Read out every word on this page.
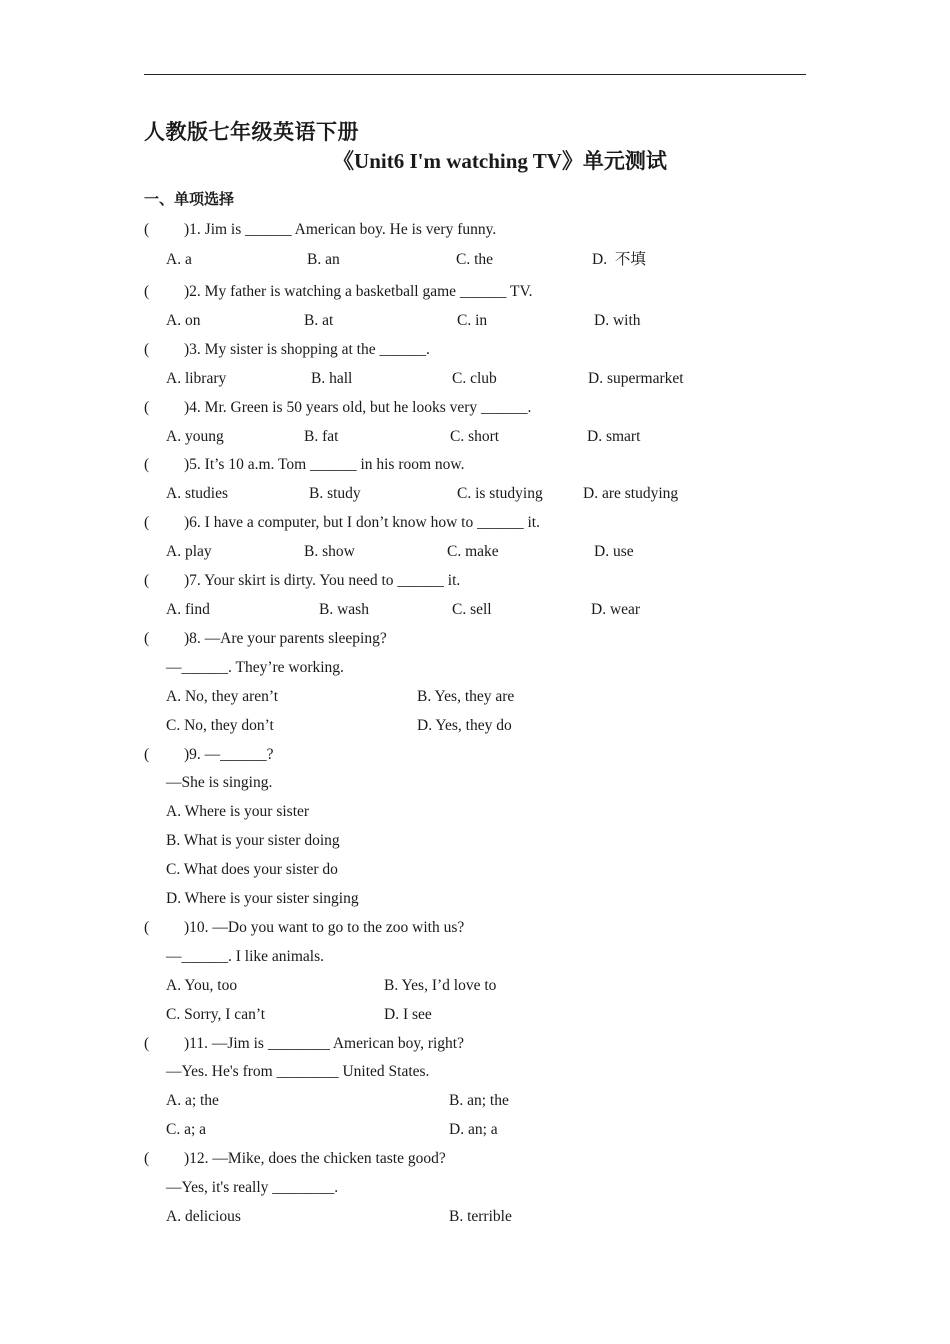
人教版七年级英语下册
《Unit6 I'm watching TV》单元测试
一、单项选择
( )1. Jim is ______ American boy. He is very funny.
A. a	B. an	C. the	D.  不填
( )2. My father is watching a basketball game ______ TV.
A. on	B. at	C. in	D. with
( )3. My sister is shopping at the ______.
A. library	B. hall	C. club	D. supermarket
( )4. Mr. Green is 50 years old, but he looks very ______.
A. young	B. fat	C. short	D. smart
( )5. It’s 10 a.m. Tom ______ in his room now.
A. studies	B. study	C. is studying	D. are studying
( )6. I have a computer, but I don’t know how to ______ it.
A. play	B. show	C. make	D. use
( )7. Your skirt is dirty. You need to ______ it.
A. find	B. wash	C. sell	D. wear
( )8. —Are your parents sleeping?
—______. They’re working.
A. No, they aren’t	B. Yes, they are
C. No, they don’t	D. Yes, they do
( )9. —______?
—She is singing.
A. Where is your sister
B. What is your sister doing
C. What does your sister do
D. Where is your sister singing
( )10. —Do you want to go to the zoo with us?
—______. I like animals.
A. You, too	B. Yes, I’d love to
C. Sorry, I can’t	D. I see
( )11. —Jim is ________ American boy, right?
—Yes. He's from ________ United States.
A. a; the	B. an; the
C. a; a	D. an; a
( )12. —Mike, does the chicken taste good?
—Yes, it's really ________.
A. delicious	B. terrible
